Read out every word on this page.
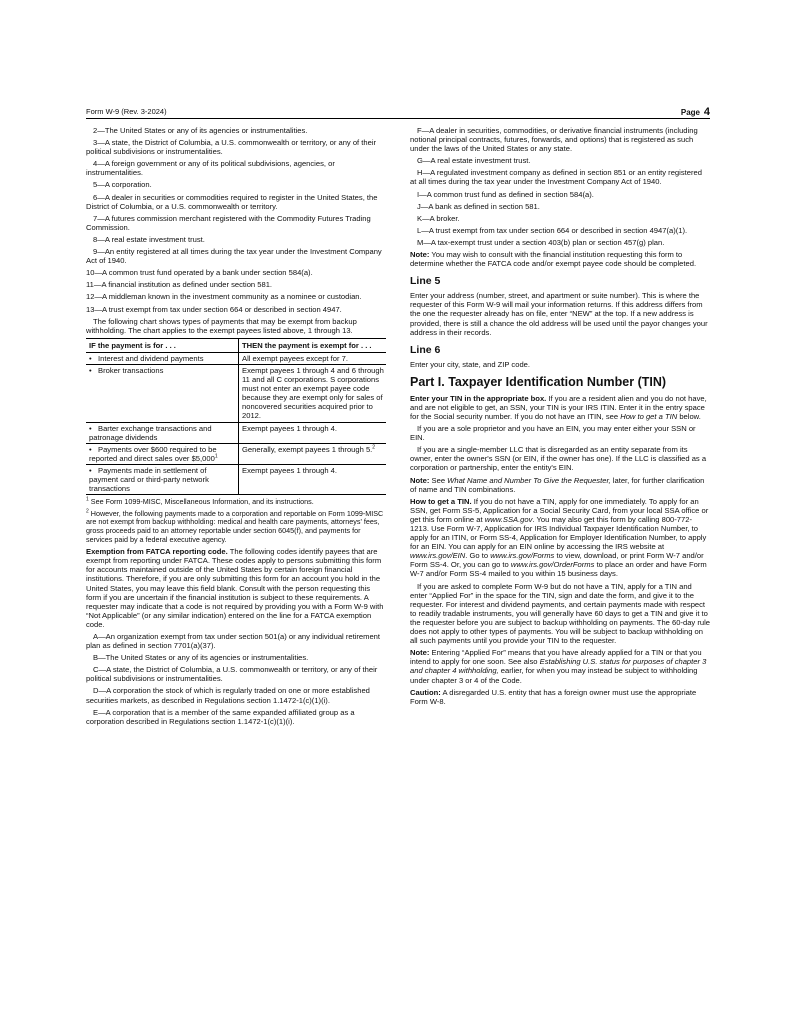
Form W-9 (Rev. 3-2024)	Page 4

2—The United States or any of its agencies or instrumentalities.

3—A state, the District of Columbia, a U.S. commonwealth or territory, or any of their political subdivisions or instrumentalities.

4—A foreign government or any of its political subdivisions, agencies, or instrumentalities.

5—A corporation.

6—A dealer in securities or commodities required to register in the United States, the District of Columbia, or a U.S. commonwealth or territory.

7—A futures commission merchant registered with the Commodity Futures Trading Commission.

8—A real estate investment trust.

9—An entity registered at all times during the tax year under the Investment Company Act of 1940.

10—A common trust fund operated by a bank under section 584(a).

11—A financial institution as defined under section 581.

12—A middleman known in the investment community as a nominee or custodian.

13—A trust exempt from tax under section 664 or described in section 4947.

The following chart shows types of payments that may be exempt from backup withholding. The chart applies to the exempt payees listed above, 1 through 13.

IF the payment is for . . .	THEN the payment is exempt for . . .
• Interest and dividend payments	All exempt payees except for 7.
• Broker transactions	Exempt payees 1 through 4 and 6 through 11 and all C corporations. S corporations must not enter an exempt payee code because they are exempt only for sales of noncovered securities acquired prior to 2012.
• Barter exchange transactions and patronage dividends	Exempt payees 1 through 4.
• Payments over $600 required to be reported and direct sales over $5,000$^1$	Generally, exempt payees 1 through 5.$^2$
• Payments made in settlement of payment card or third-party network transactions	Exempt payees 1 through 4.

$^1$ See Form 1099-MISC, Miscellaneous Information, and its instructions.

$^2$ However, the following payments made to a corporation and reportable on Form 1099-MISC are not exempt from backup withholding: medical and health care payments, attorneys' fees, gross proceeds paid to an attorney reportable under section 6045(f), and payments for services paid by a federal executive agency.

Exemption from FATCA reporting code. The following codes identify payees that are exempt from reporting under FATCA. These codes apply to persons submitting this form for accounts maintained outside of the United States by certain foreign financial institutions. Therefore, if you are only submitting this form for an account you hold in the United States, you may leave this field blank. Consult with the person requesting this form if you are uncertain if the financial institution is subject to these requirements. A requester may indicate that a code is not required by providing you with a Form W-9 with “Not Applicable” (or any similar indication) entered on the line for a FATCA exemption code.

A—An organization exempt from tax under section 501(a) or any individual retirement plan as defined in section 7701(a)(37).

B—The United States or any of its agencies or instrumentalities.

C—A state, the District of Columbia, a U.S. commonwealth or territory, or any of their political subdivisions or instrumentalities.

D—A corporation the stock of which is regularly traded on one or more established securities markets, as described in Regulations section 1.1472-1(c)(1)(i).

E—A corporation that is a member of the same expanded affiliated group as a corporation described in Regulations section 1.1472-1(c)(1)(i).

F—A dealer in securities, commodities, or derivative financial instruments (including notional principal contracts, futures, forwards, and options) that is registered as such under the laws of the United States or any state.

G—A real estate investment trust.

H—A regulated investment company as defined in section 851 or an entity registered at all times during the tax year under the Investment Company Act of 1940.

I—A common trust fund as defined in section 584(a).

J—A bank as defined in section 581.

K—A broker.

L—A trust exempt from tax under section 664 or described in section 4947(a)(1).

M—A tax-exempt trust under a section 403(b) plan or section 457(g) plan.

Note: You may wish to consult with the financial institution requesting this form to determine whether the FATCA code and/or exempt payee code should be completed.

Line 5

Enter your address (number, street, and apartment or suite number). This is where the requester of this Form W-9 will mail your information returns. If this address differs from the one the requester already has on file, enter “NEW” at the top. If a new address is provided, there is still a chance the old address will be used until the payor changes your address in their records.

Line 6

Enter your city, state, and ZIP code.

Part I. Taxpayer Identification Number (TIN)

Enter your TIN in the appropriate box. If you are a resident alien and you do not have, and are not eligible to get, an SSN, your TIN is your IRS ITIN. Enter it in the entry space for the Social security number. If you do not have an ITIN, see How to get a TIN below.

If you are a sole proprietor and you have an EIN, you may enter either your SSN or EIN.

If you are a single-member LLC that is disregarded as an entity separate from its owner, enter the owner's SSN (or EIN, if the owner has one). If the LLC is classified as a corporation or partnership, enter the entity's EIN.

Note: See What Name and Number To Give the Requester, later, for further clarification of name and TIN combinations.

How to get a TIN. If you do not have a TIN, apply for one immediately. To apply for an SSN, get Form SS-5, Application for a Social Security Card, from your local SSA office or get this form online at www.SSA.gov. You may also get this form by calling 800-772-1213. Use Form W-7, Application for IRS Individual Taxpayer Identification Number, to apply for an ITIN, or Form SS-4, Application for Employer Identification Number, to apply for an EIN. You can apply for an EIN online by accessing the IRS website at www.irs.gov/EIN. Go to www.irs.gov/Forms to view, download, or print Form W-7 and/or Form SS-4. Or, you can go to www.irs.gov/OrderForms to place an order and have Form W-7 and/or Form SS-4 mailed to you within 15 business days.

If you are asked to complete Form W-9 but do not have a TIN, apply for a TIN and enter “Applied For” in the space for the TIN, sign and date the form, and give it to the requester. For interest and dividend payments, and certain payments made with respect to readily tradable instruments, you will generally have 60 days to get a TIN and give it to the requester before you are subject to backup withholding on payments. The 60-day rule does not apply to other types of payments. You will be subject to backup withholding on all such payments until you provide your TIN to the requester.

Note: Entering “Applied For” means that you have already applied for a TIN or that you intend to apply for one soon. See also Establishing U.S. status for purposes of chapter 3 and chapter 4 withholding, earlier, for when you may instead be subject to withholding under chapter 3 or 4 of the Code.

Caution: A disregarded U.S. entity that has a foreign owner must use the appropriate Form W-8.
